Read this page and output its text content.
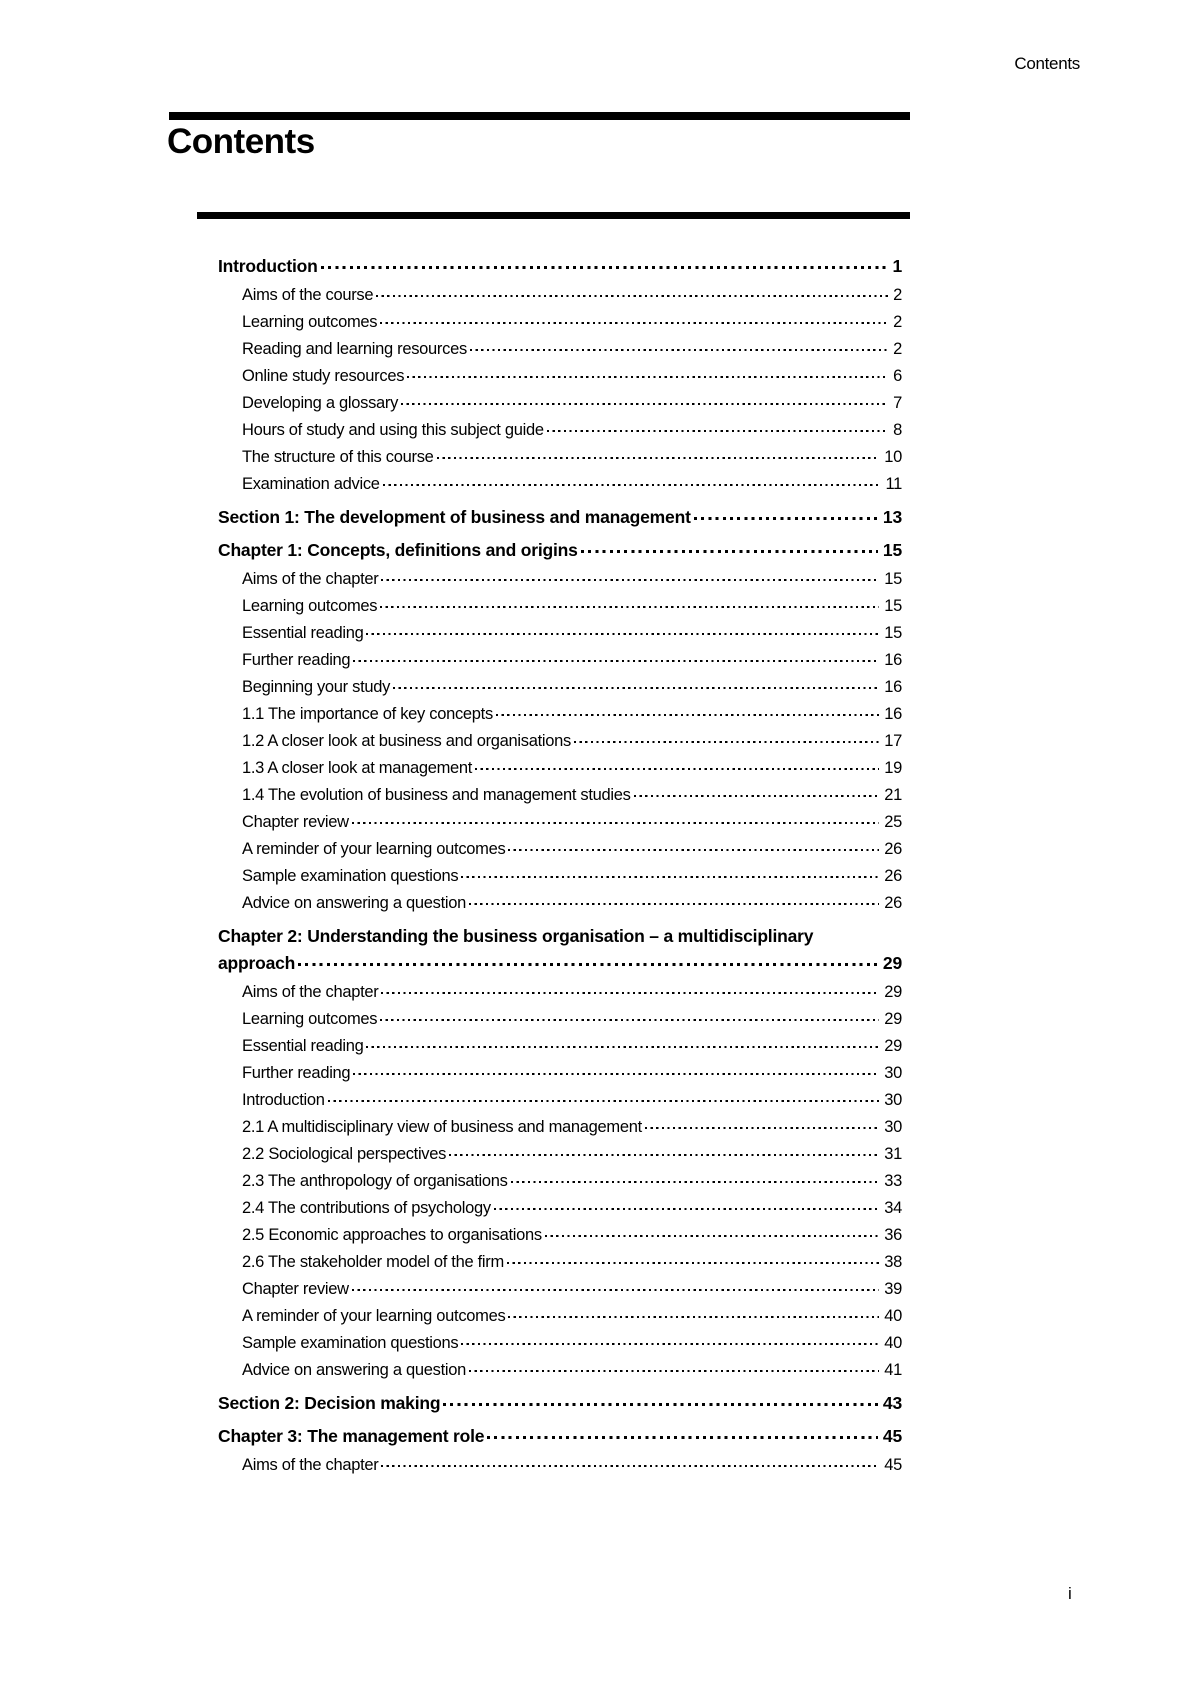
Contents
Contents
Introduction	1
Aims of the course	2
Learning outcomes	2
Reading and learning resources	2
Online study resources	6
Developing a glossary	7
Hours of study and using this subject guide	8
The structure of this course	10
Examination advice	11
Section 1: The development of business and management	13
Chapter 1: Concepts, definitions and origins	15
Aims of the chapter	15
Learning outcomes	15
Essential reading	15
Further reading	16
Beginning your study	16
1.1 The importance of key concepts	16
1.2 A closer look at business and organisations	17
1.3 A closer look at management	19
1.4 The evolution of business and management studies	21
Chapter review	25
A reminder of your learning outcomes	26
Sample examination questions	26
Advice on answering a question	26
Chapter 2: Understanding the business organisation – a multidisciplinary
approach	29
Aims of the chapter	29
Learning outcomes	29
Essential reading	29
Further reading	30
Introduction	30
2.1 A multidisciplinary view of business and management	30
2.2 Sociological perspectives	31
2.3 The anthropology of organisations	33
2.4 The contributions of psychology	34
2.5 Economic approaches to organisations	36
2.6 The stakeholder model of the firm	38
Chapter review	39
A reminder of your learning outcomes	40
Sample examination questions	40
Advice on answering a question	41
Section 2: Decision making	43
Chapter 3: The management role	45
Aims of the chapter	45
i
